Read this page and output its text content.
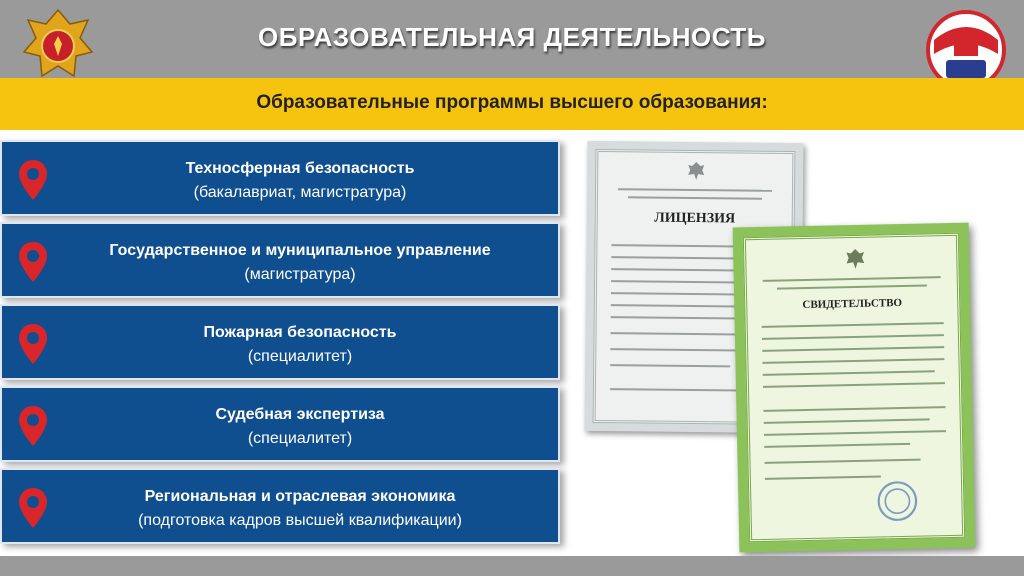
ОБРАЗОВАТЕЛЬНАЯ ДЕЯТЕЛЬНОСТЬ
Образовательные программы высшего образования:
Техносферная безопасность
(бакалавриат, магистратура)
Государственное и муниципальное управление
(магистратура)
Пожарная безопасность
(специалитет)
Судебная экспертиза
(специалитет)
Региональная и отраслевая экономика
(подготовка кадров высшей квалификации)
ЛИЦЕНЗИЯ
СВИДЕТЕЛЬСТВО
